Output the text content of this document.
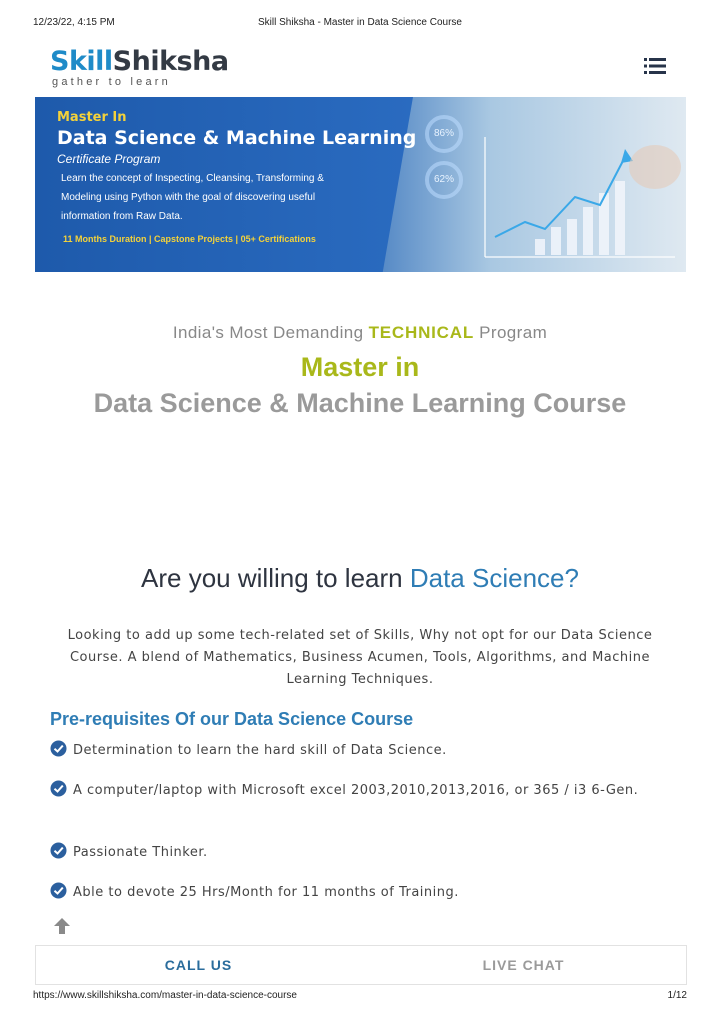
12/23/22, 4:15 PM	Skill Shiksha - Master in Data Science Course
SkillShiksha
gather to learn
Master In
Data Science & Machine Learning
Certificate Program
Learn the concept of Inspecting, Cleansing, Transforming & Modeling using Python with the goal of discovering useful information from Raw Data.
11 Months Duration | Capstone Projects | 05+ Certifications
86%
62%
India's Most Demanding TECHNICAL Program
Master in
Data Science & Machine Learning Course
Are you willing to learn Data Science?
Looking to add up some tech-related set of Skills, Why not opt for our Data Science Course. A blend of Mathematics, Business Acumen, Tools, Algorithms, and Machine Learning Techniques.
Pre-requisites Of our Data Science Course
Determination to learn the hard skill of Data Science.
A computer/laptop with Microsoft excel 2003,2010,2013,2016, or 365 / i3 6-Gen.
Passionate Thinker.
Able to devote 25 Hrs/Month for 11 months of Training.
CALL US	LIVE CHAT
https://www.skillshiksha.com/master-in-data-science-course	1/12
